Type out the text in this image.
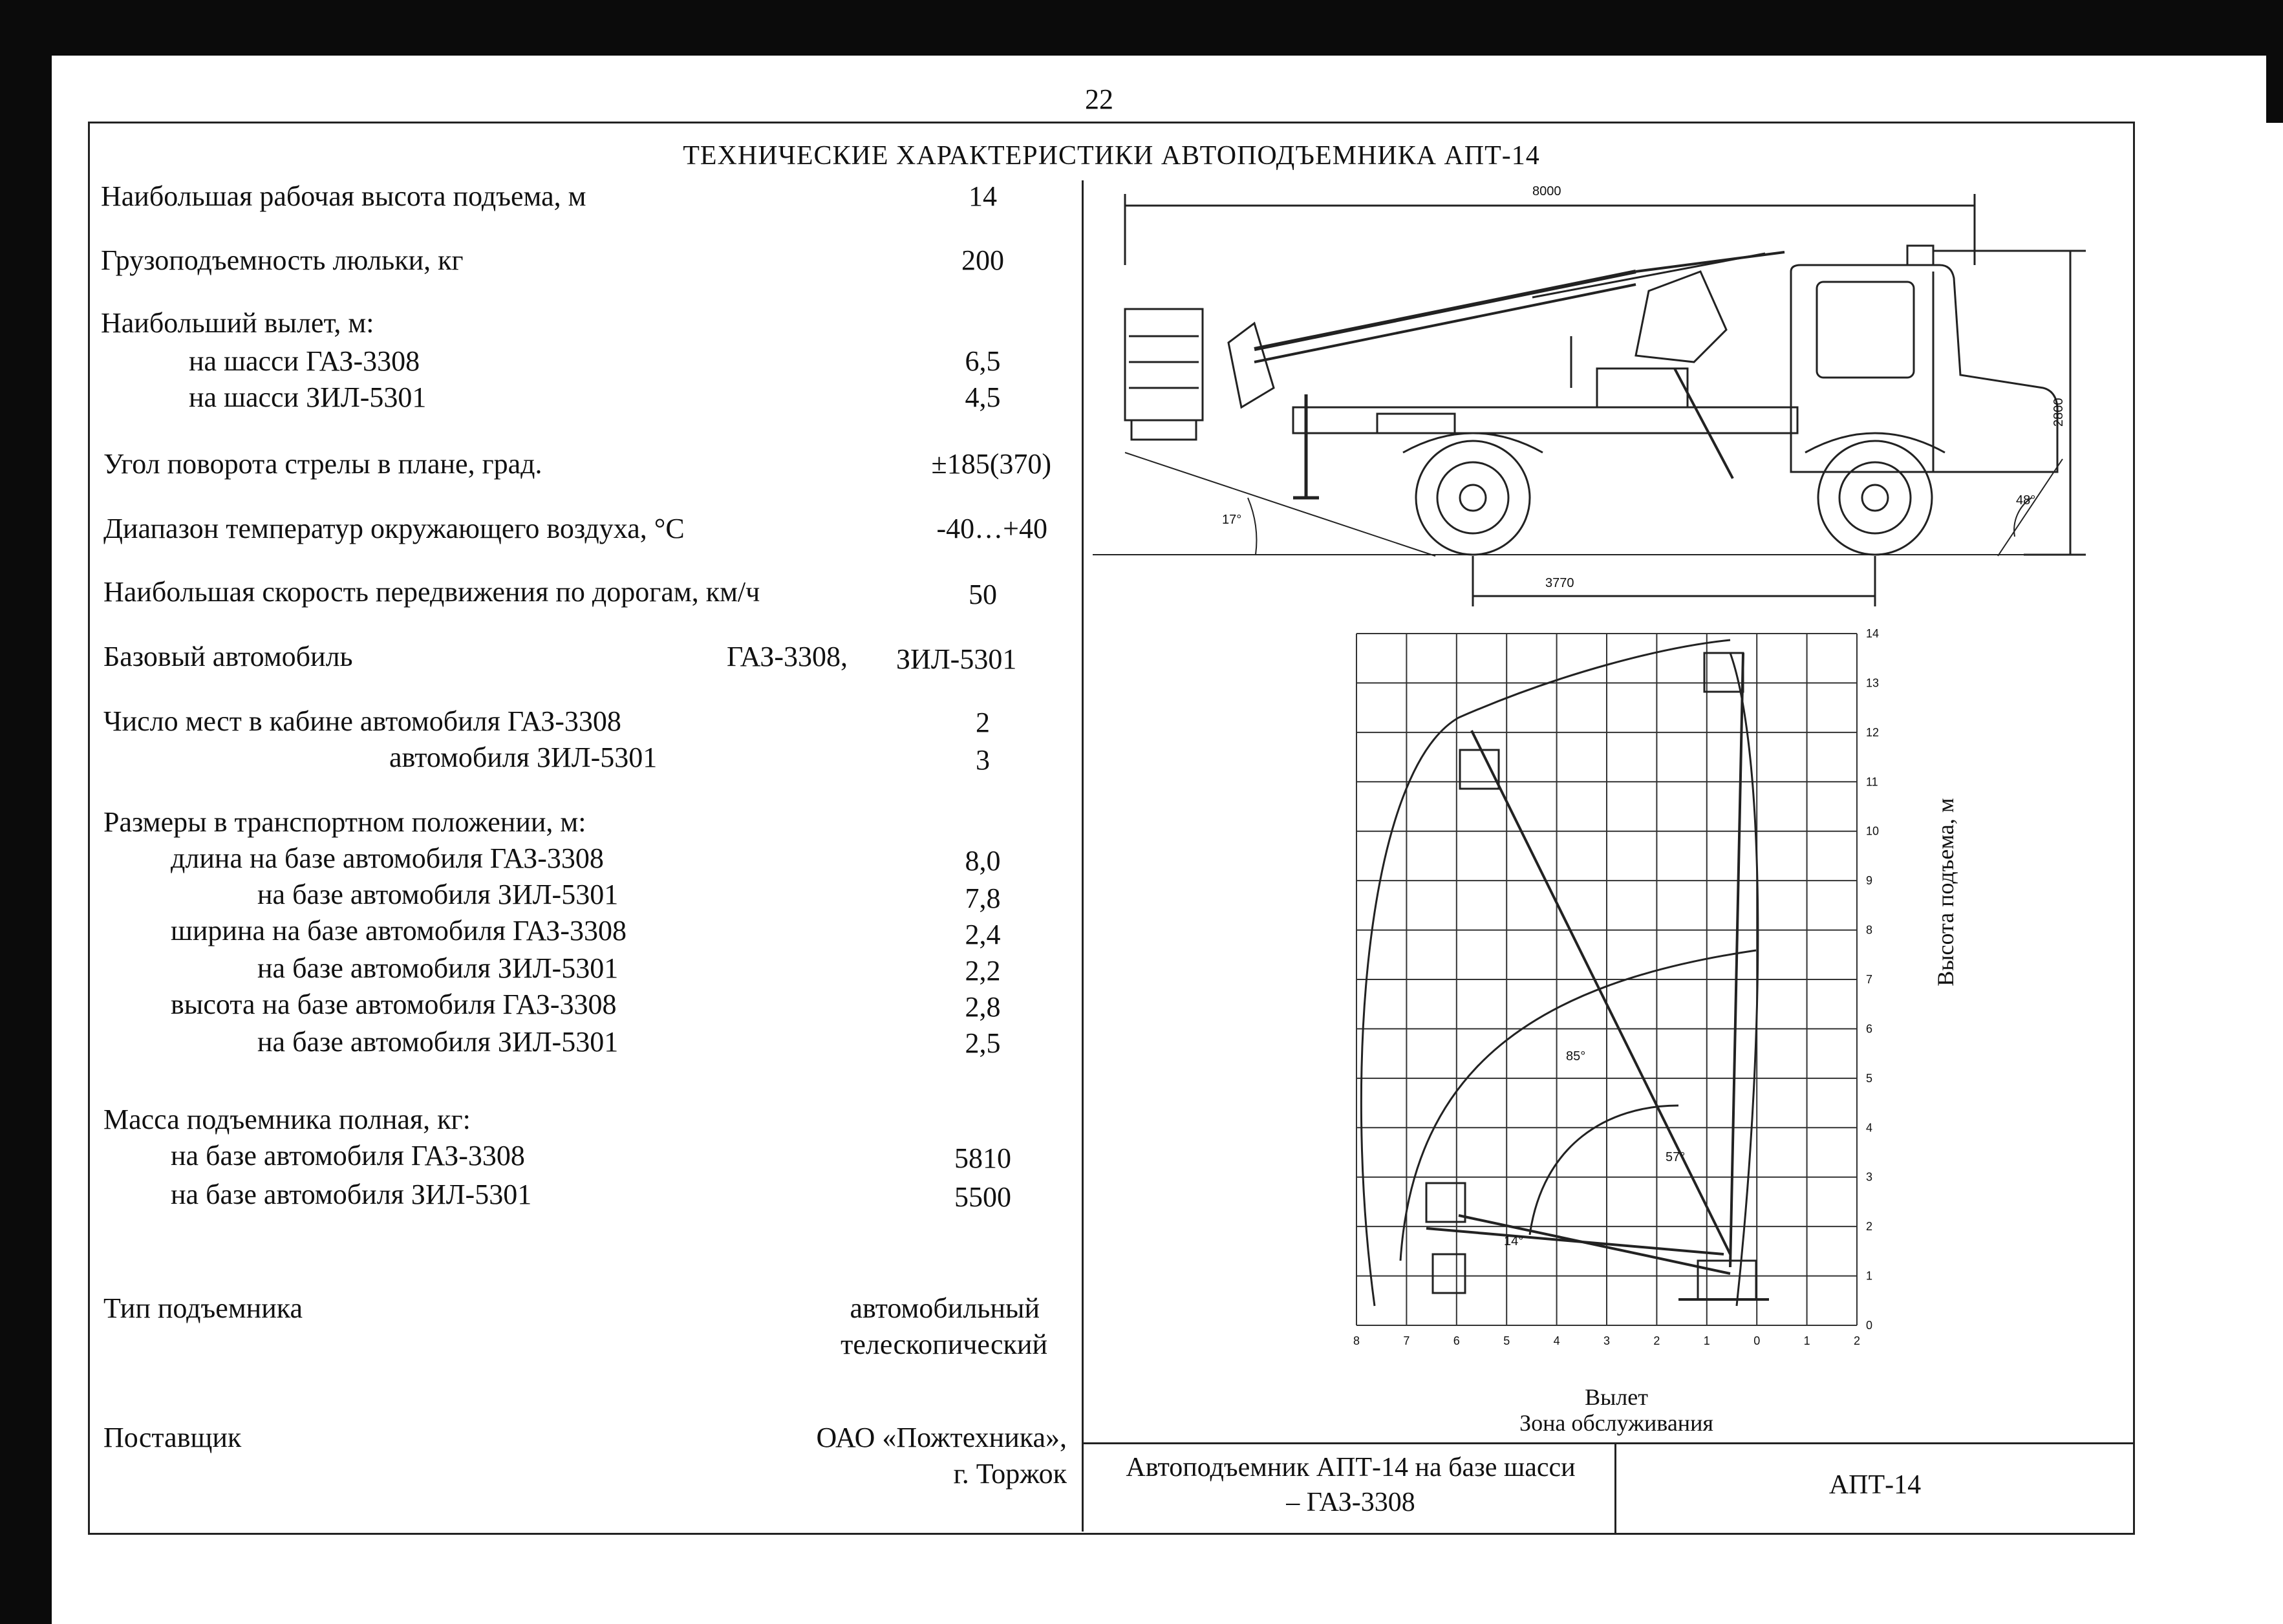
22
ТЕХНИЧЕСКИЕ ХАРАКТЕРИСТИКИ АВТОПОДЪЕМНИКА АПТ-14
Автоподъемник АПТ-14 на базе шасси
– ГАЗ-3308
АПТ-14
Наибольшая рабочая высота подъема, м	14
Грузоподъемность люльки, кг	200
Наибольший вылет, м:
на шасси ГАЗ-3308	6,5
на шасси ЗИЛ-5301	4,5
Угол поворота стрелы в плане, град.	±185(370)
Диапазон температур окружающего воздуха, °С	-40…+40
Наибольшая скорость передвижения по дорогам, км/ч	50
Базовый автомобиль	ГАЗ-3308, ЗИЛ-5301
Число мест в кабине автомобиля ГАЗ-3308	2
автомобиля ЗИЛ-5301	3
Размеры в транспортном положении, м:
длина на базе автомобиля ГАЗ-3308	8,0
на базе автомобиля ЗИЛ-5301	7,8
ширина на базе автомобиля ГАЗ-3308	2,4
на базе автомобиля ЗИЛ-5301	2,2
высота на базе автомобиля ГАЗ-3308	2,8
на базе автомобиля ЗИЛ-5301	2,5
Масса подъемника полная, кг:
на базе автомобиля ГАЗ-3308	5810
на базе автомобиля ЗИЛ-5301	5500
Тип подъемника	автомобильный
телескопический
Поставщик	ОАО «Пожтехника»,
г. Торжок
8000
3770
17°
48°
2800
0
1
2
3
4
5
6
7
8
9
10
11
12
13
14
8	7	6	5	4	3	2	1	0	1	2
85°
57°
14°
Вылет
Зона обслуживания
Высота подъема, м
